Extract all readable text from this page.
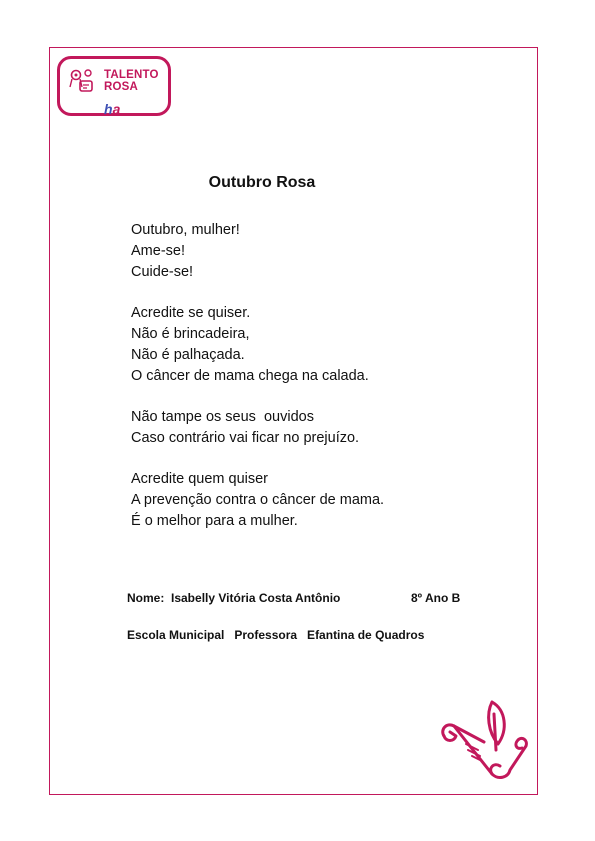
TALENTO
ROSA
ha
Outubro Rosa
Outubro, mulher!
Ame-se!
Cuide-se!
Acredite se quiser.
Não é brincadeira,
Não é palhaçada.
O câncer de mama chega na calada.
Não tampe os seus  ouvidos
Caso contrário vai ficar no prejuízo.
Acredite quem quiser
A prevenção contra o câncer de mama.
É o melhor para a mulher.
Nome:  Isabelly Vitória Costa Antônio	8º Ano B
Escola Municipal   Professora   Efantina de Quadros
